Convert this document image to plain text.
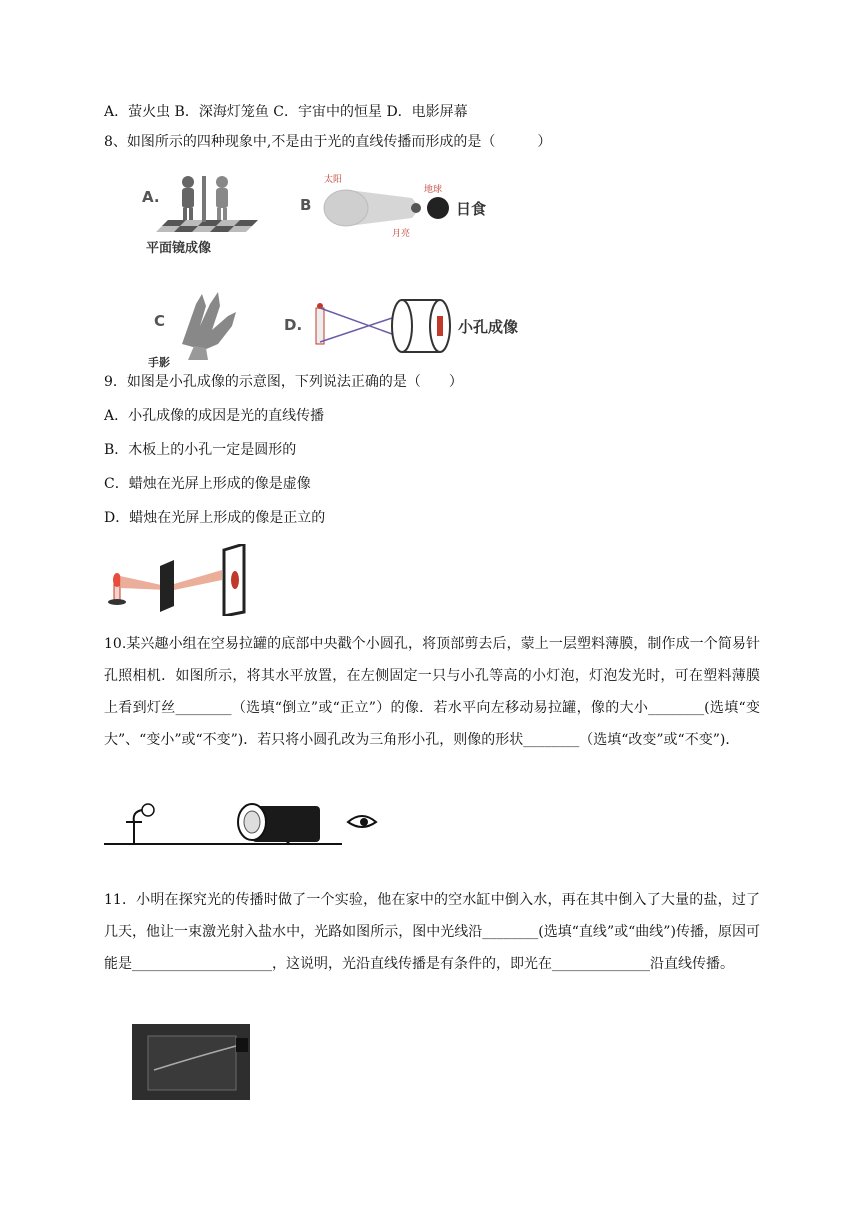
A．萤火虫 B．深海灯笼鱼 C．宇宙中的恒星 D．电影屏幕
8、如图所示的四种现象中,不是由于光的直线传播而形成的是（　　　）
A.
平面镜成像
B
太阳
地球
月亮
日食
C
手影
D.	小孔成像
9．如图是小孔成像的示意图，下列说法正确的是（　　）
A．小孔成像的成因是光的直线传播
B．木板上的小孔一定是圆形的
C．蜡烛在光屏上形成的像是虚像
D．蜡烛在光屏上形成的像是正立的
10.某兴趣小组在空易拉罐的底部中央戳个小圆孔，将顶部剪去后，蒙上一层塑料薄膜，制作成一个简易针孔照相机．如图所示，将其水平放置，在左侧固定一只与小孔等高的小灯泡，灯泡发光时，可在塑料薄膜上看到灯丝________（选填“倒立”或“正立”）的像．若水平向左移动易拉罐，像的大小________(选填“变大”、“变小”或“不变”)．若只将小圆孔改为三角形小孔，则像的形状________（选填“改变”或“不变”)．
11．小明在探究光的传播时做了一个实验，他在家中的空水缸中倒入水，再在其中倒入了大量的盐，过了几天，他让一束激光射入盐水中，光路如图所示，图中光线沿________(选填“直线”或“曲线”)传播，原因可能是____________________，这说明，光沿直线传播是有条件的，即光在______________沿直线传播。
